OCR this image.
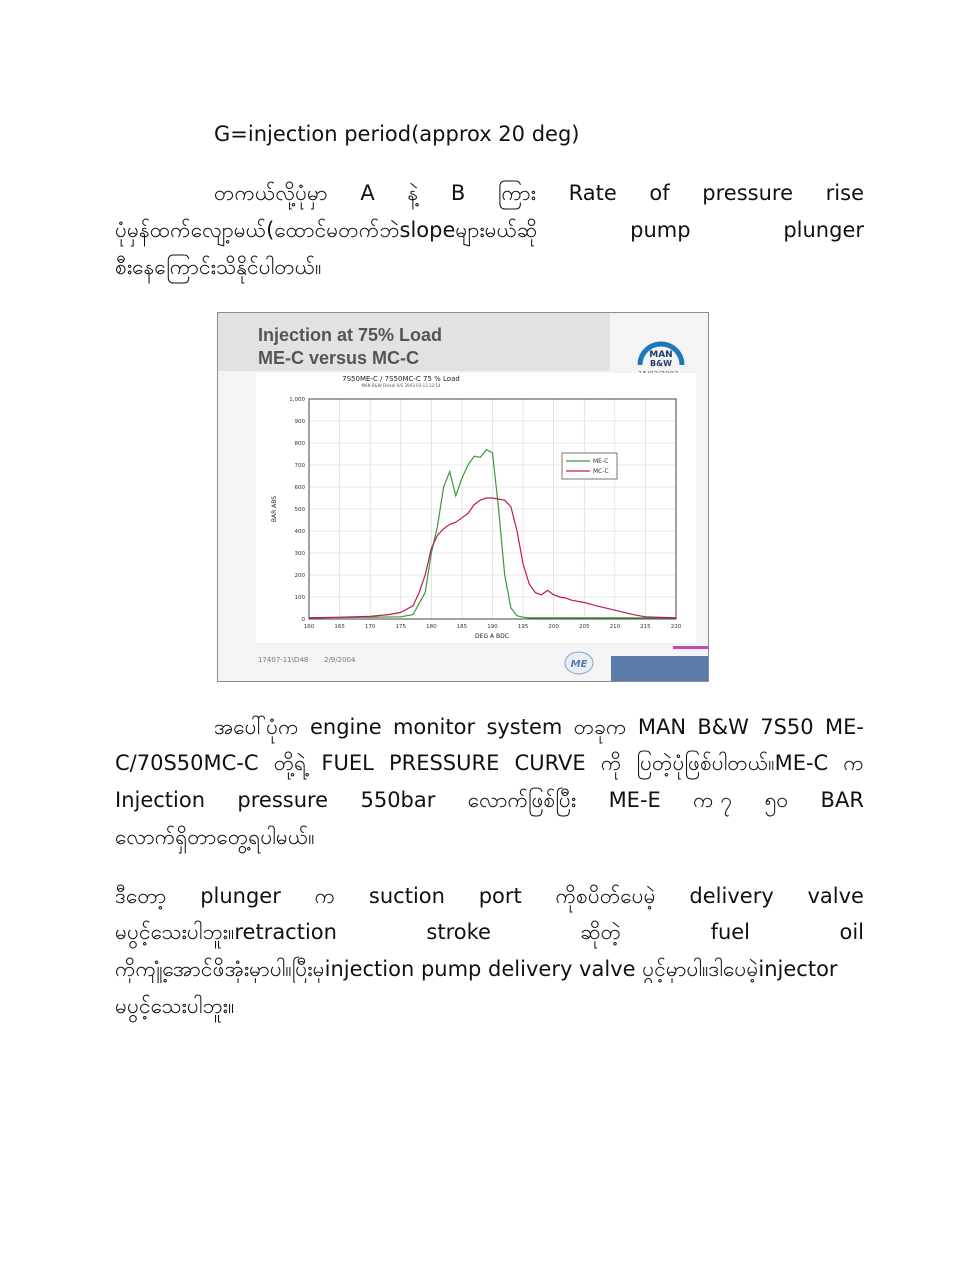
G=injection period(approx 20 deg)
တကယ်လို့ပုံမှာ A နဲ့ B ကြား Rate of pressure rise
ပုံမှန်ထက်လျော့မယ်(ထောင်မတက်ဘဲslopeများမယ်ဆို	pump	plunger
စီးနေကြောင်းသိနိုင်ပါတယ်။
Injection at 75% Load
ME-C versus MC-C	MAN
B&W
7S50ME-C / 7S50MC-C 75 % Load
MAN B&W Diesel A/S 2003-03-13 12:14
0
100
200
300
400
500
600
700
800
900
1,000
160	165	170	175	180	185	190	195	200	205	210	215	220
BAR ABS
DEG A BDC
ME-C
MC-C
17407-11\D48 2/9/2004	ME
အပေါ်ပုံက engine monitor system တခုက MAN B&W 7S50 ME-
C/70S50MC-C တို့ရဲ့ FUEL PRESSURE CURVE ကို ပြတဲ့ပုံဖြစ်ပါတယ်။ME-C က
Injection pressure 550bar လောက်ဖြစ်ပြီး ME-E က ၇ ၅၀ BAR
လောက်ရှိတာတွေ့ရပါမယ်။
ဒီတော့ plunger က suction port ကိုစပိတ်ပေမဲ့ delivery valve
မပွင့်သေးပါဘူး။retraction	stroke	ဆိုတဲ့	fuel	oil
ကိုကျုံ့အောင်ဖိအုံးမှာပါ။ပြီးမှinjection pump delivery valve ပွင့်မှာပါ။ဒါပေမဲ့injector
မပွင့်သေးပါဘူး။
